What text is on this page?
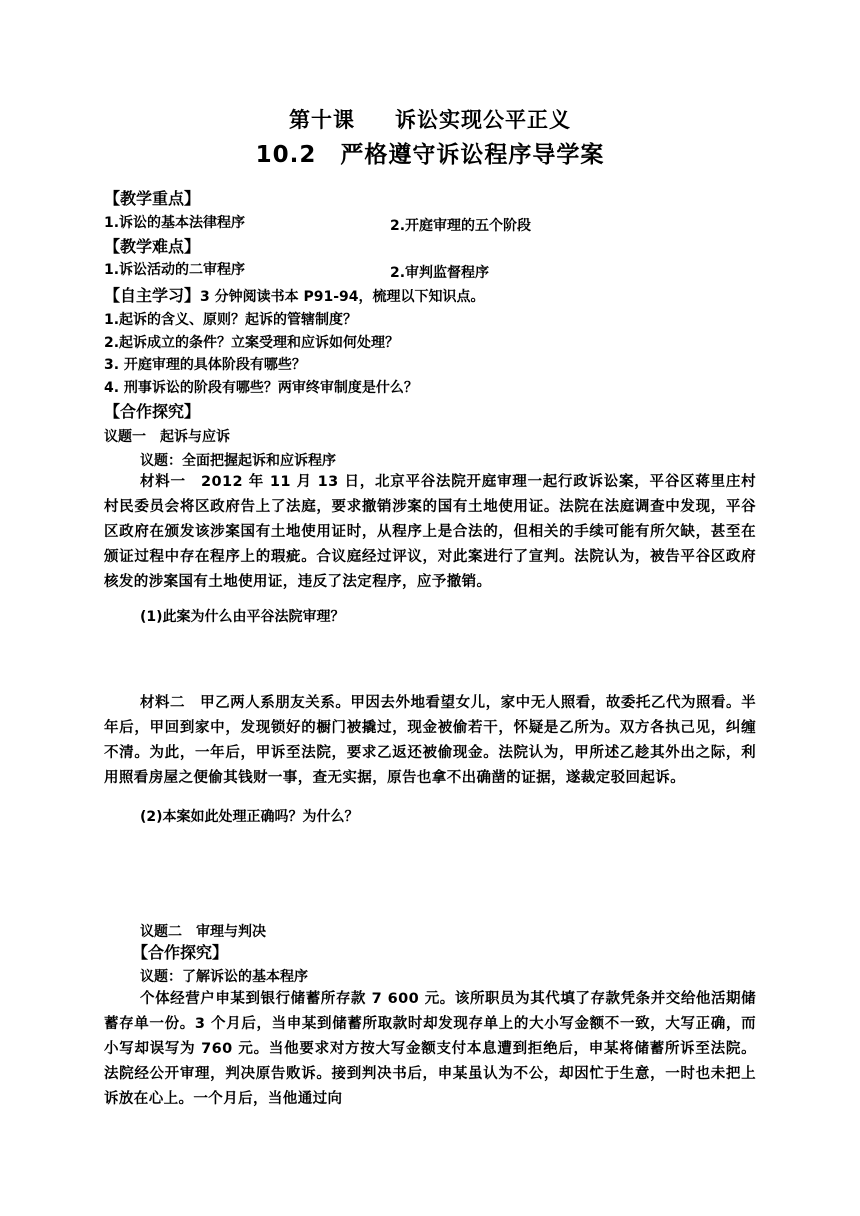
第十课 诉讼实现公平正义
10.2 严格遵守诉讼程序导学案
【教学重点】
1.诉讼的基本法律程序	2.开庭审理的五个阶段
【教学难点】
1.诉讼活动的二审程序	2.审判监督程序
【自主学习】3 分钟阅读书本 P91-94，梳理以下知识点。
1.起诉的含义、原则？起诉的管辖制度？
2.起诉成立的条件？立案受理和应诉如何处理？
3. 开庭审理的具体阶段有哪些？
4. 刑事诉讼的阶段有哪些？两审终审制度是什么？
【合作探究】
议题一　起诉与应诉
议题：全面把握起诉和应诉程序
材料一　2012 年 11 月 13 日，北京平谷法院开庭审理一起行政诉讼案，平谷区蒋里庄村村民委员会将区政府告上了法庭，要求撤销涉案的国有土地使用证。法院在法庭调查中发现，平谷区政府在颁发该涉案国有土地使用证时，从程序上是合法的，但相关的手续可能有所欠缺，甚至在颁证过程中存在程序上的瑕疵。合议庭经过评议，对此案进行了宣判。法院认为，被告平谷区政府核发的涉案国有土地使用证，违反了法定程序，应予撤销。
(1)此案为什么由平谷法院审理？
材料二　甲乙两人系朋友关系。甲因去外地看望女儿，家中无人照看，故委托乙代为照看。半年后，甲回到家中，发现锁好的橱门被撬过，现金被偷若干，怀疑是乙所为。双方各执己见，纠缠不清。为此，一年后，甲诉至法院，要求乙返还被偷现金。法院认为，甲所述乙趁其外出之际，利用照看房屋之便偷其钱财一事，查无实据，原告也拿不出确凿的证据，遂裁定驳回起诉。
(2)本案如此处理正确吗？为什么？
议题二　审理与判决
【合作探究】
议题：了解诉讼的基本程序
个体经营户申某到银行储蓄所存款 7 600 元。该所职员为其代填了存款凭条并交给他活期储蓄存单一份。3 个月后，当申某到储蓄所取款时却发现存单上的大小写金额不一致，大写正确，而小写却误写为 760 元。当他要求对方按大写金额支付本息遭到拒绝后，申某将储蓄所诉至法院。法院经公开审理，判决原告败诉。接到判决书后，申某虽认为不公，却因忙于生意，一时也未把上诉放在心上。一个月后，当他通过向
